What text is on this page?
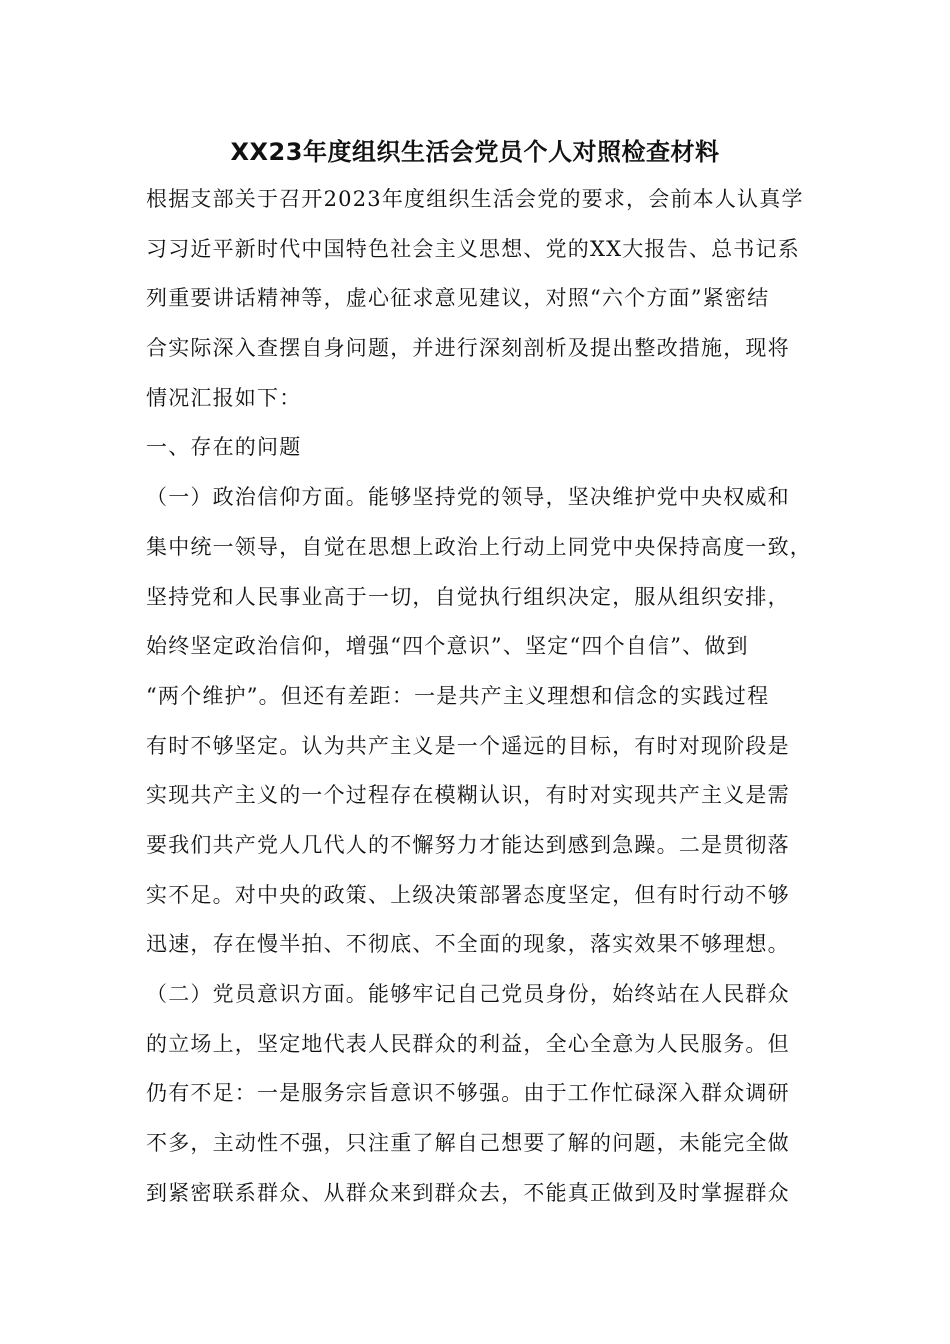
XX23年度组织生活会党员个人对照检查材料
根据支部关于召开2023年度组织生活会党的要求，会前本人认真学
习习近平新时代中国特色社会主义思想、党的XX大报告、总书记系
列重要讲话精神等，虚心征求意见建议，对照“六个方面”紧密结
合实际深入查摆自身问题，并进行深刻剖析及提出整改措施，现将
情况汇报如下：
一、存在的问题
（一）政治信仰方面。能够坚持党的领导，坚决维护党中央权威和
集中统一领导，自觉在思想上政治上行动上同党中央保持高度一致，
坚持党和人民事业高于一切，自觉执行组织决定，服从组织安排，
始终坚定政治信仰，增强“四个意识”、坚定“四个自信”、做到
“两个维护”。但还有差距：一是共产主义理想和信念的实践过程
有时不够坚定。认为共产主义是一个遥远的目标，有时对现阶段是
实现共产主义的一个过程存在模糊认识，有时对实现共产主义是需
要我们共产党人几代人的不懈努力才能达到感到急躁。二是贯彻落
实不足。对中央的政策、上级决策部署态度坚定，但有时行动不够
迅速，存在慢半拍、不彻底、不全面的现象，落实效果不够理想。
（二）党员意识方面。能够牢记自己党员身份，始终站在人民群众
的立场上，坚定地代表人民群众的利益，全心全意为人民服务。但
仍有不足：一是服务宗旨意识不够强。由于工作忙碌深入群众调研
不多，主动性不强，只注重了解自己想要了解的问题，未能完全做
到紧密联系群众、从群众来到群众去，不能真正做到及时掌握群众
